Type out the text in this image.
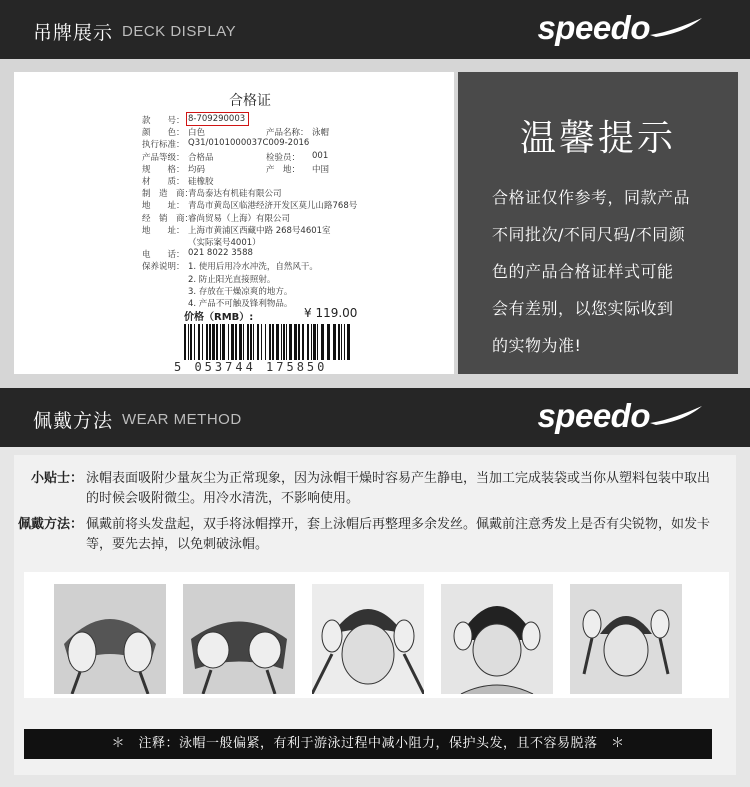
吊牌展示 DECK DISPLAY	speedo
合格证
款　　号： 8-709290003
颜　　色： 白色	产品名称： 泳帽
执行标准： Q31/0101000037C009-2016
产品等级： 合格品	检验员： 001
规　　格： 均码	产　地： 中国
材　　质： 硅橡胶
制　造　商：
青岛泰达有机硅有限公司
地　　址： 青岛市黄岛区临港经济开发区莫儿山路768号
经　销　商：
睿尚贸易（上海）有限公司
地　　址： 上海市黄浦区西藏中路 268号4601室
（实际案号4001）
电　　话： 021 8022 3588
保养说明： 1. 使用后用冷水冲洗，自然风干。
2. 防止阳光直接照射。
3. 存放在干燥凉爽的地方。
4. 产品不可触及锋利物品。
价格（RMB）:	¥ 119.00
5 053744 175850
温馨提示
合格证仅作参考，同款产品
不同批次/不同尺码/不同颜
色的产品合格证样式可能
会有差别，以您实际收到
的实物为准!
佩戴方法 WEAR METHOD	speedo
小贴士： 泳帽表面吸附少量灰尘为正常现象，因为泳帽干燥时容易产生静电，当加工完成装袋或当你从塑料包装中取出
的时候会吸附微尘。用冷水清洗，不影响使用。
佩戴方法： 佩戴前将头发盘起，双手将泳帽撑开，套上泳帽后再整理多余发丝。佩戴前注意秀发上是否有尖锐物，如发卡
等，要先去掉，以免刺破泳帽。
＊　注释：泳帽一般偏紧，有利于游泳过程中减小阻力，保护头发，且不容易脱落　＊
